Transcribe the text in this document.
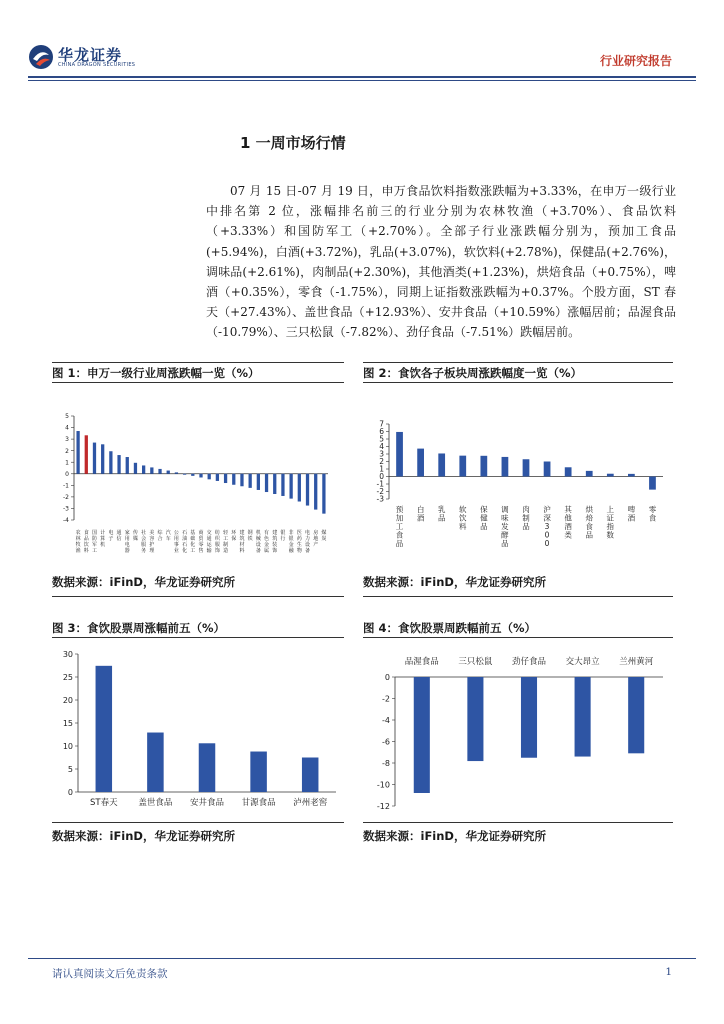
华龙证券
CHINA DRAGON SECURITIES	行业研究报告
1 一周市场行情

07 月 15 日-07 月 19 日，申万食品饮料指数涨跌幅为+3.33%，在申万一级行业中排名第 2 位，涨幅排名前三的行业分别为农林牧渔（+3.70%）、食品饮料（+3.33%）和国防军工（+2.70%）。全部子行业涨跌幅分别为，预加工食品(+5.94%)，白酒(+3.72%)，乳品(+3.07%)，软饮料(+2.78%)，保健品(+2.76%)，调味品(+2.61%)，肉制品(+2.30%)，其他酒类(+1.23%)，烘焙食品（+0.75%），啤酒（+0.35%），零食（-1.75%），同期上证指数涨跌幅为+0.37%。个股方面，ST 春天（+27.43%）、盖世食品（+12.93%）、安井食品（+10.59%）涨幅居前；品渥食品（-10.79%）、三只松鼠（-7.82%）、劲仔食品（-7.51%）跌幅居前。

图 1：申万一级行业周涨跌幅一览（%）	图 2：食饮各子板块周涨跌幅度一览（%）
数据来源：iFinD，华龙证券研究所	数据来源：iFinD，华龙证券研究所
图 3：食饮股票周涨幅前五（%）	图 4：食饮股票周跌幅前五（%）
数据来源：iFinD，华龙证券研究所	数据来源：iFinD，华龙证券研究所
5
4
3
2
1
0
-1
-2
-3
-4
农林牧渔
食品饮料
国防军工
计算机
电子
通信
家用电器
传媒
社会服务
美容护理
综合
汽车
公用事业
石油石化
基础化工
商贸零售
交通运输
纺织服饰
轻工制造
环保
建筑材料
钢铁
机械设备
有色金属
建筑装饰
银行
非银金融
医药生物
电力设备
房地产
煤炭
7
6
5
4
3
2
1
0
-1
-2
-3
预加工食品
白酒
乳品
软饮料
保健品
调味发酵品
肉制品
沪深 3 0 0
其他酒类
烘焙食品
上证指数
啤酒
零食
30
25
20
15
10
5
0
ST春天 盖世食品 安井食品 甘源食品 泸州老窖
0
-2
-4
-6
-8
-10
-12
品渥食品 三只松鼠 劲仔食品 交大昂立 兰州黄河
请认真阅读文后免责条款	1
